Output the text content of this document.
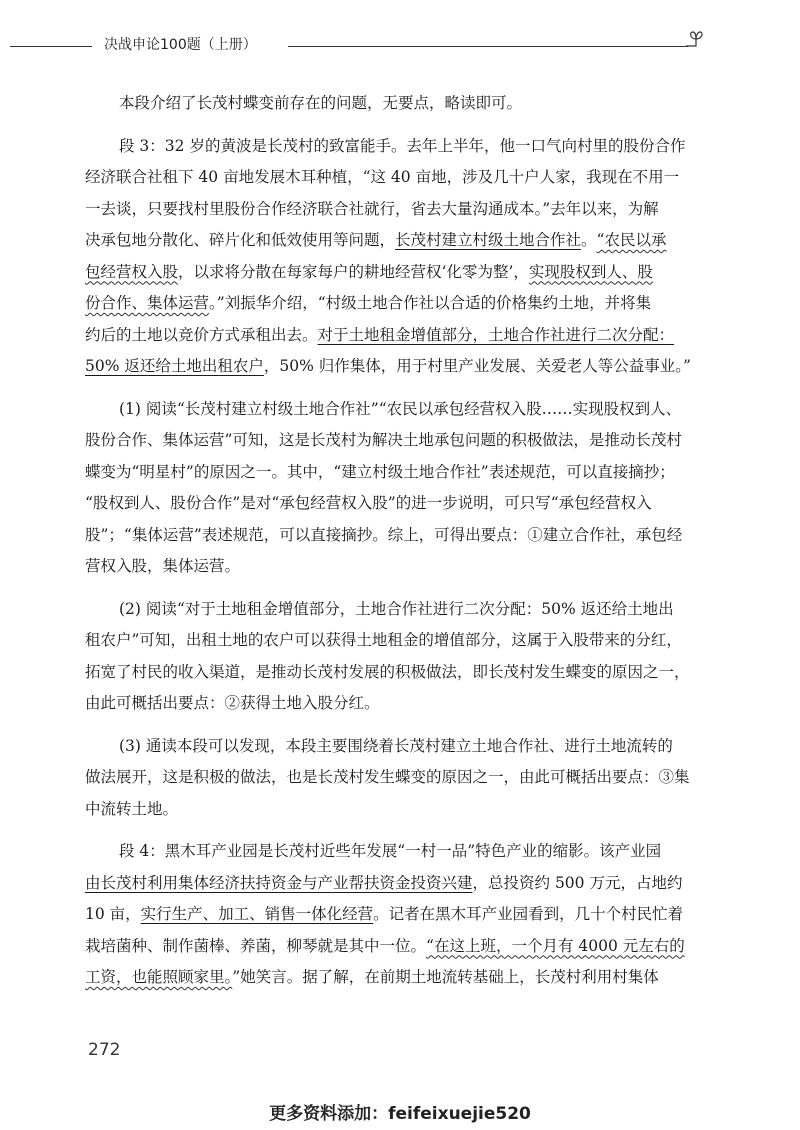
决战申论100题（上册）
本段介绍了长茂村蝶变前存在的问题，无要点，略读即可。
段 3：32 岁的黄波是长茂村的致富能手。去年上半年，他一口气向村里的股份合作
经济联合社租下 40 亩地发展木耳种植，“这 40 亩地，涉及几十户人家，我现在不用一
一去谈，只要找村里股份合作经济联合社就行，省去大量沟通成本。”去年以来，为解
决承包地分散化、碎片化和低效使用等问题，长茂村建立村级土地合作社。“农民以承
包经营权入股，以求将分散在每家每户的耕地经营权‘化零为整’，实现股权到人、股
份合作、集体运营。”刘振华介绍，“村级土地合作社以合适的价格集约土地，并将集
约后的土地以竞价方式承租出去。对于土地租金增值部分，土地合作社进行二次分配：
50% 返还给土地出租农户，50% 归作集体，用于村里产业发展、关爱老人等公益事业。”
(1) 阅读“长茂村建立村级土地合作社”“农民以承包经营权入股……实现股权到人、
股份合作、集体运营”可知，这是长茂村为解决土地承包问题的积极做法，是推动长茂村
蝶变为“明星村”的原因之一。其中，“建立村级土地合作社”表述规范，可以直接摘抄；
“股权到人、股份合作”是对“承包经营权入股”的进一步说明，可只写“承包经营权入
股”；“集体运营”表述规范，可以直接摘抄。综上，可得出要点：①建立合作社，承包经
营权入股，集体运营。
(2) 阅读“对于土地租金增值部分，土地合作社进行二次分配：50% 返还给土地出
租农户”可知，出租土地的农户可以获得土地租金的增值部分，这属于入股带来的分红，
拓宽了村民的收入渠道，是推动长茂村发展的积极做法，即长茂村发生蝶变的原因之一，
由此可概括出要点：②获得土地入股分红。
(3) 通读本段可以发现，本段主要围绕着长茂村建立土地合作社、进行土地流转的
做法展开，这是积极的做法，也是长茂村发生蝶变的原因之一，由此可概括出要点：③集
中流转土地。
段 4：黑木耳产业园是长茂村近些年发展“一村一品”特色产业的缩影。该产业园
由长茂村利用集体经济扶持资金与产业帮扶资金投资兴建，总投资约 500 万元，占地约
10 亩，实行生产、加工、销售一体化经营。记者在黑木耳产业园看到，几十个村民忙着
栽培菌种、制作菌棒、养菌，柳琴就是其中一位。“在这上班，一个月有 4000 元左右的
工资，也能照顾家里。”她笑言。据了解，在前期土地流转基础上，长茂村利用村集体
272
更多资料添加：feifeixuejie520
